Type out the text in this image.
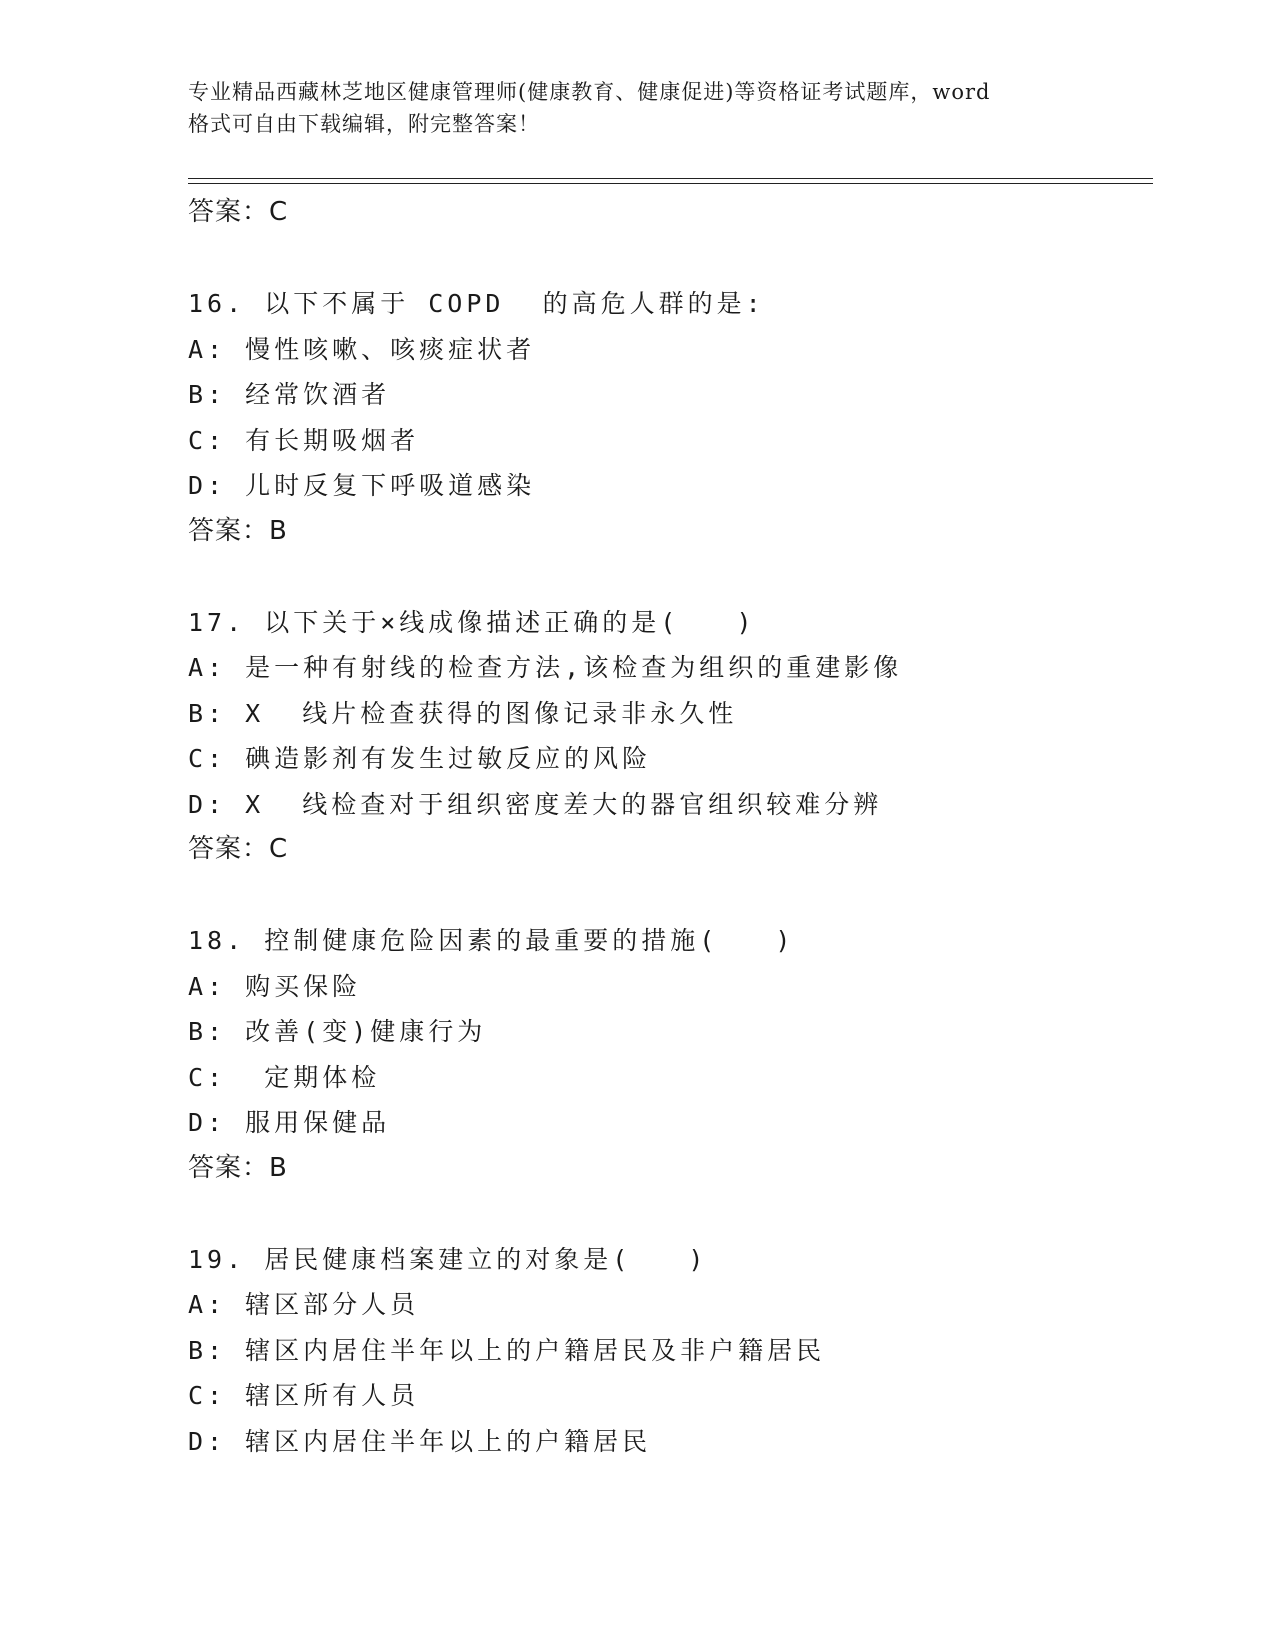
专业精品西藏林芝地区健康管理师(健康教育、健康促进)等资格证考试题库，word
格式可自由下载编辑，附完整答案！
答案：C
16. 以下不属于 COPD  的高危人群的是:
A: 慢性咳嗽、咳痰症状者
B: 经常饮酒者
C: 有长期吸烟者
D: 儿时反复下呼吸道感染
答案：B
17. 以下关于×线成像描述正确的是(   )
A: 是一种有射线的检查方法,该检查为组织的重建影像
B: X  线片检查获得的图像记录非永久性
C: 碘造影剂有发生过敏反应的风险
D: X  线检查对于组织密度差大的器官组织较难分辨
答案：C
18. 控制健康危险因素的最重要的措施(   )
A: 购买保险
B: 改善(变)健康行为
C:  定期体检
D: 服用保健品
答案：B
19. 居民健康档案建立的对象是(   )
A: 辖区部分人员
B: 辖区内居住半年以上的户籍居民及非户籍居民
C: 辖区所有人员
D: 辖区内居住半年以上的户籍居民
